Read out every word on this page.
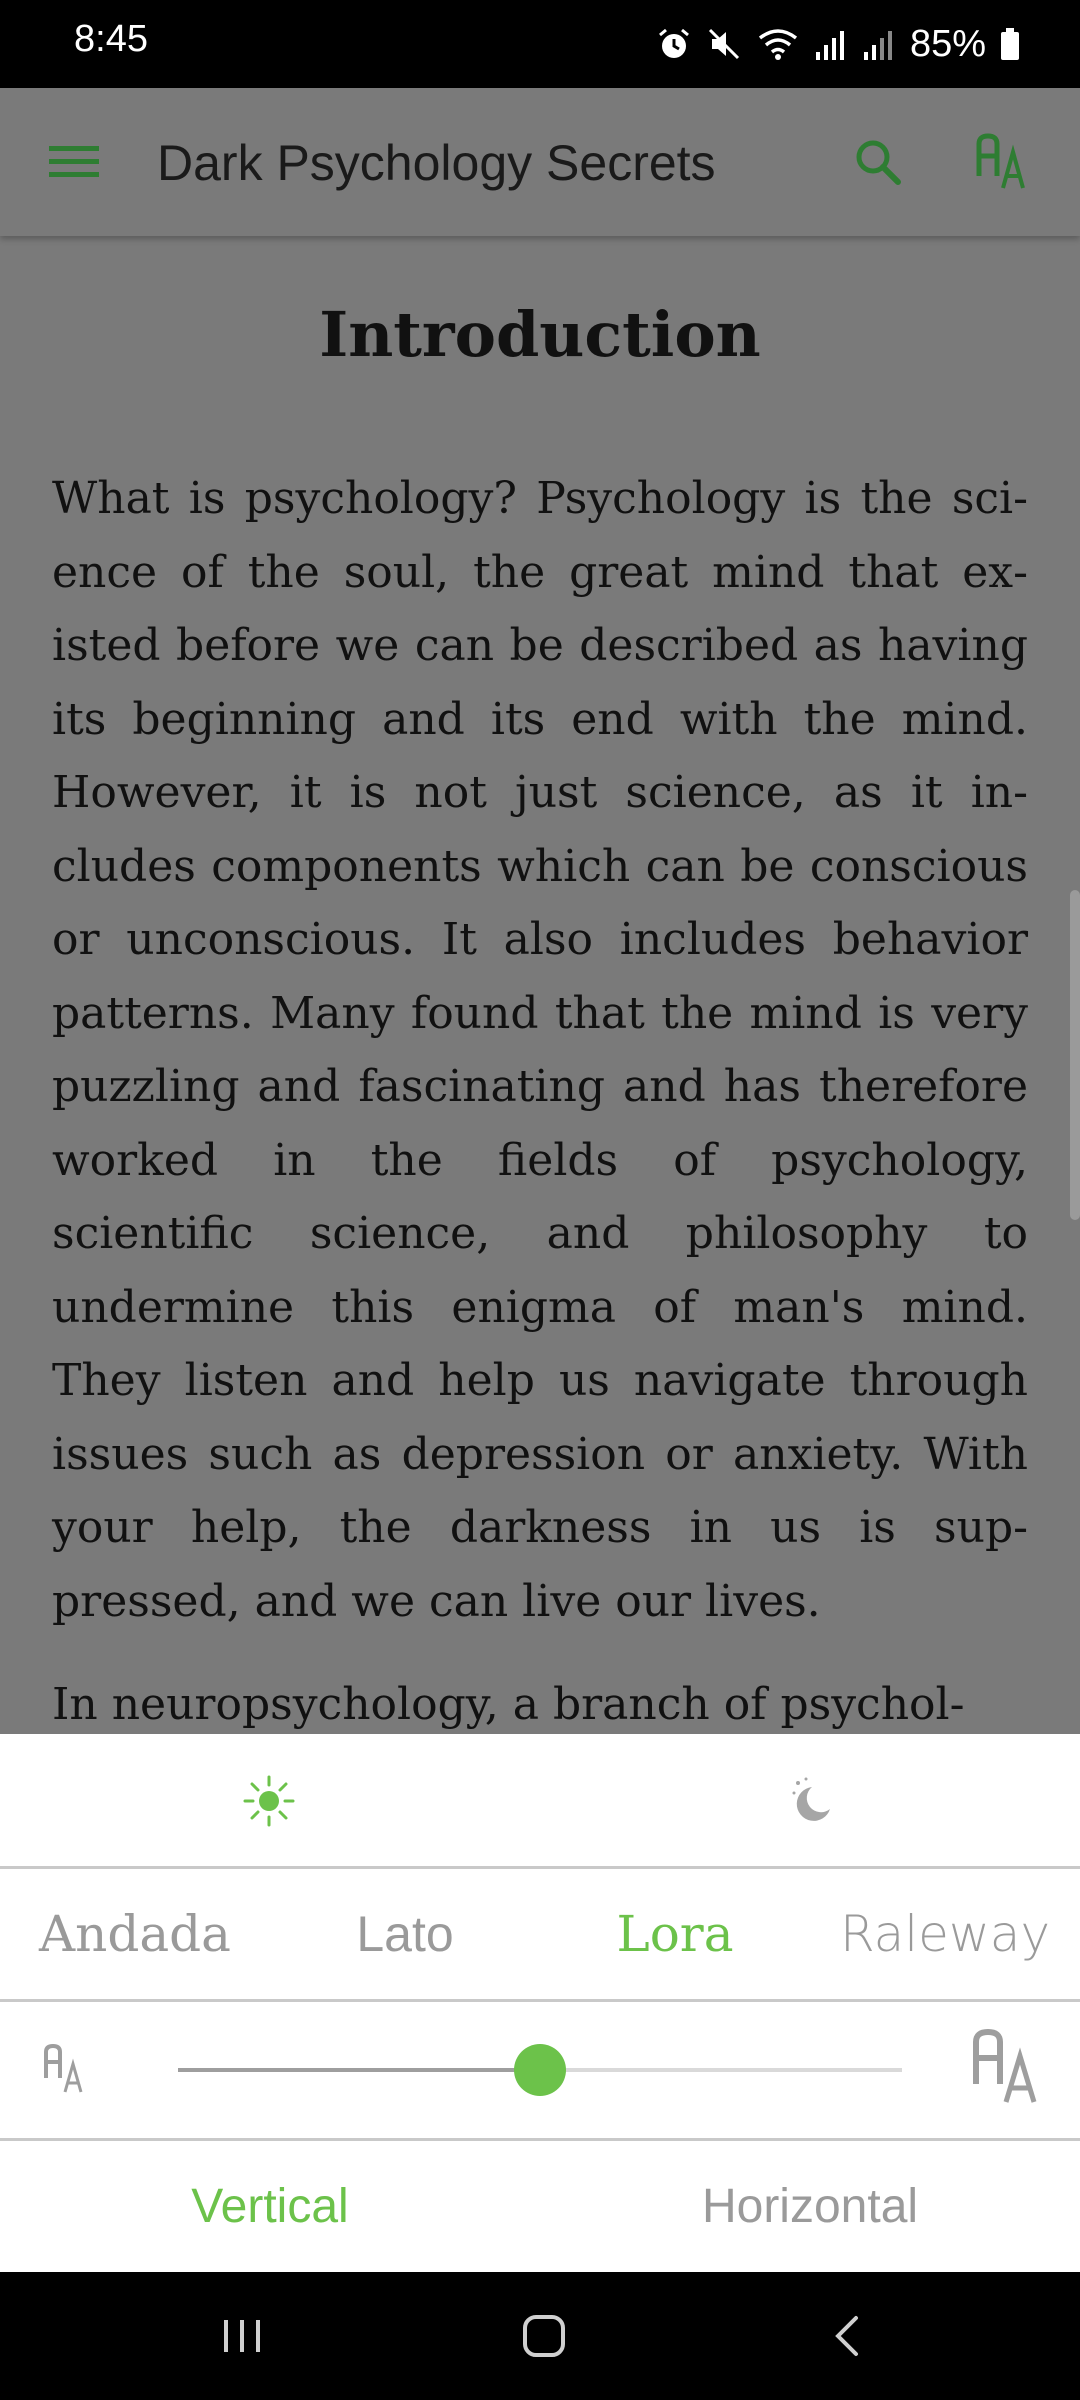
8:45	85%
Dark Psychology Secrets
Introduction

What is psychology? Psychology is the science of the soul, the great mind that existed before we can be described as having its beginning and its end with the mind. However, it is not just science, as it includes components which can be conscious or unconscious. It also includes behavior patterns. Many found that the mind is very puzzling and fascinating and has therefore worked in the fields of psychology, scientific science, and philosophy to undermine this enigma of man's mind. They listen and help us navigate through issues such as depression or anxiety. With your help, the darkness in us is suppressed, and we can live our lives.

In neuropsychology, a branch of psychol-

Andada	Lato	Lora	Raleway
Vertical	Horizontal
